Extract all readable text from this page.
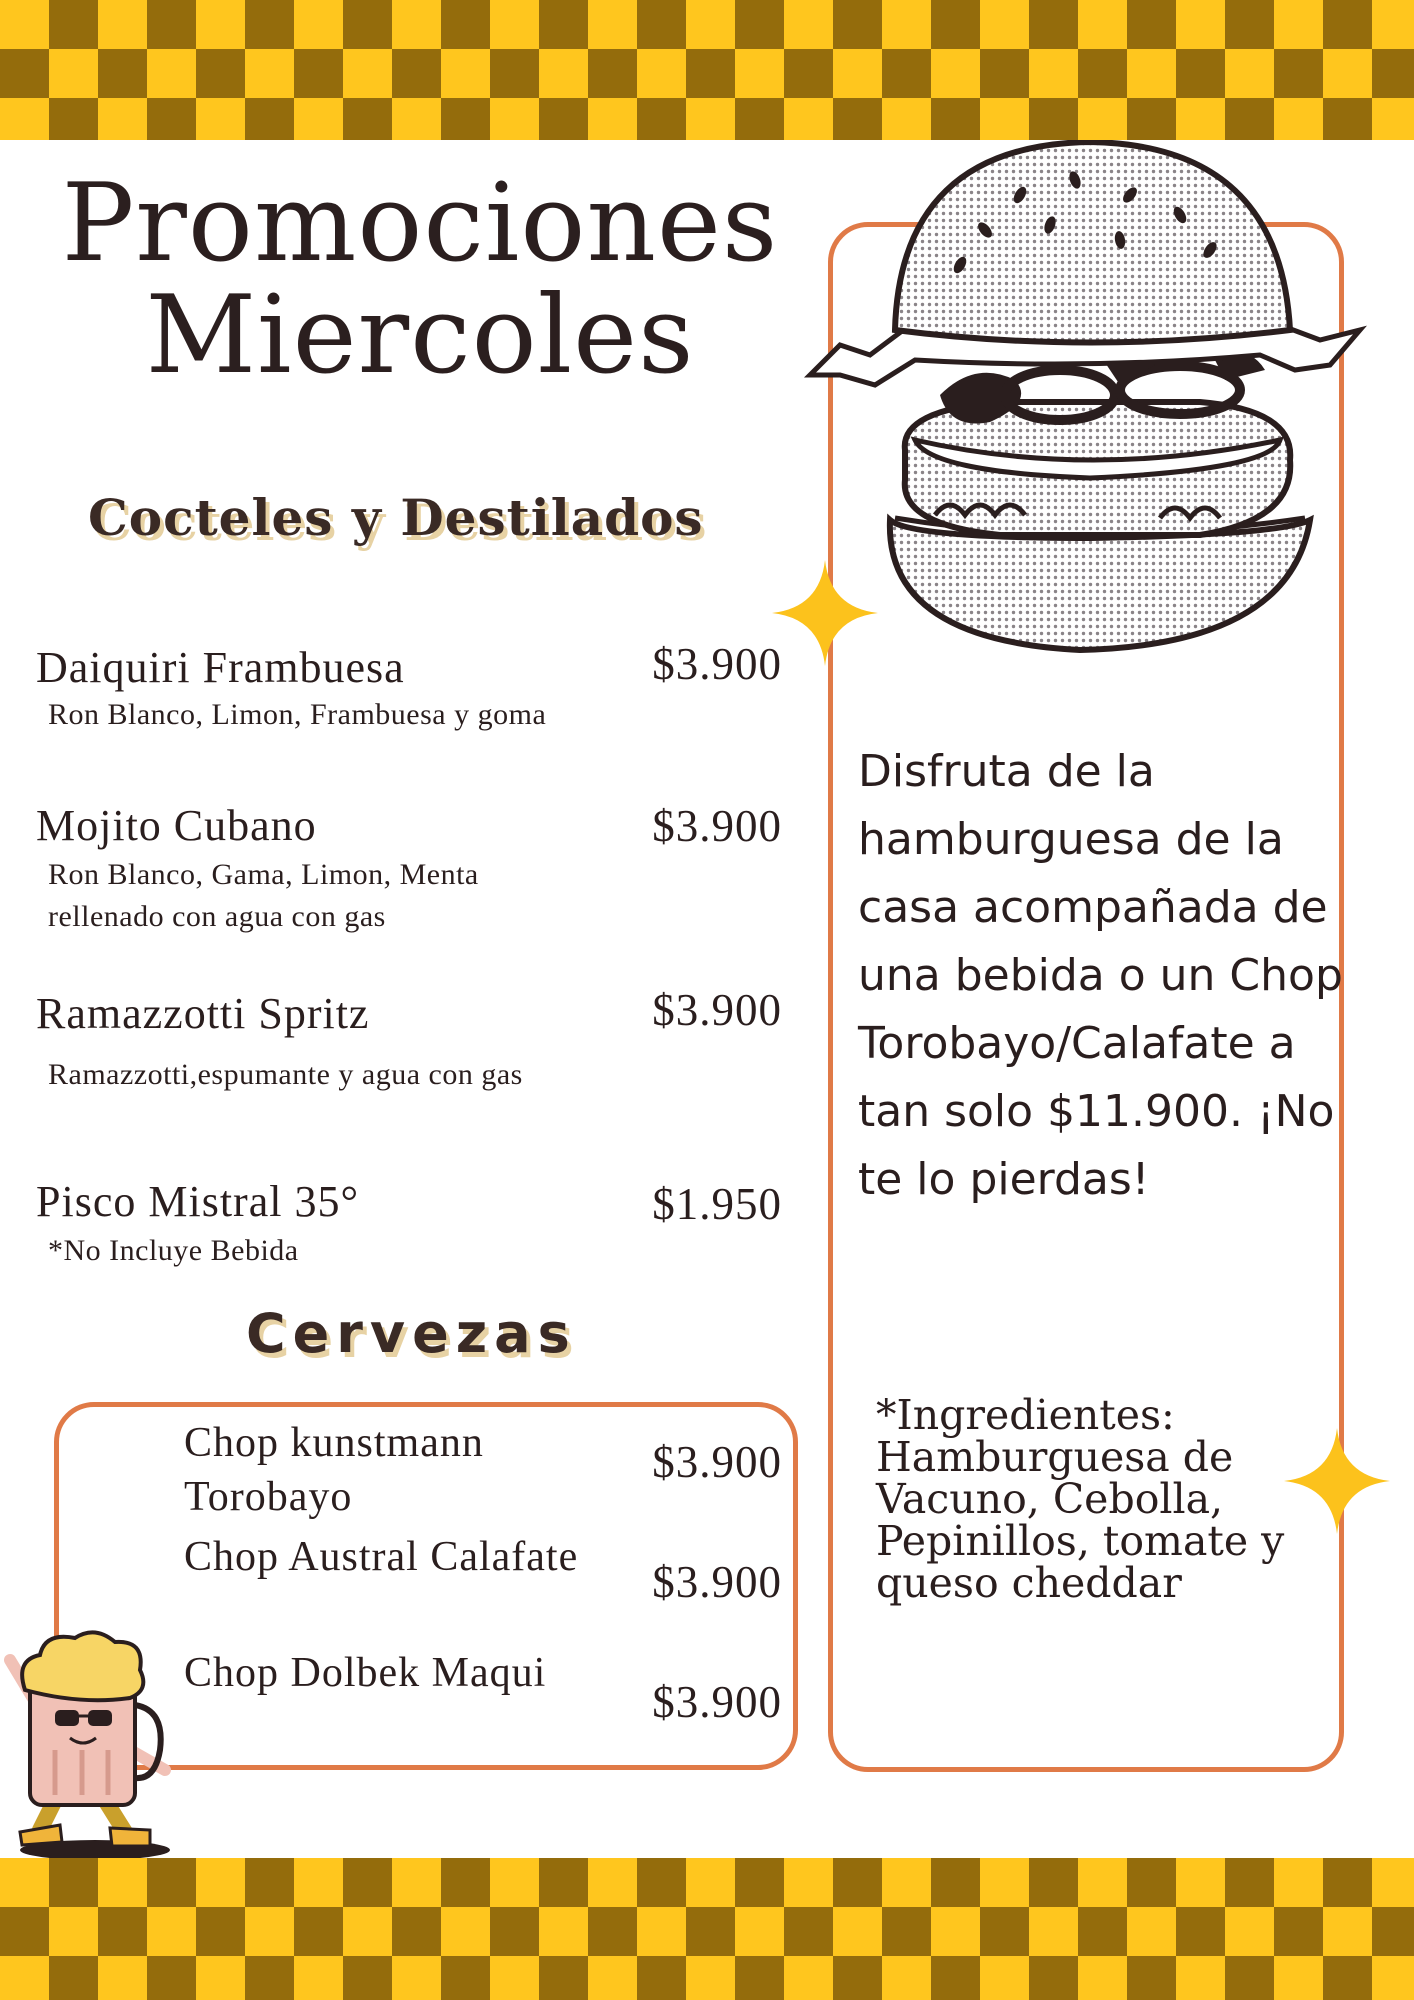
Promociones
Miercoles
Cocteles y Destilados
Daiquiri Frambuesa	$3.900
Ron Blanco, Limon, Frambuesa y goma
Mojito Cubano	$3.900
Ron Blanco, Gama, Limon, Menta rellenado con agua con gas
Ramazzotti Spritz	$3.900
Ramazzotti,espumante y agua con gas
Pisco Mistral 35°	$1.950
*No Incluye Bebida
Cervezas
Chop kunstmann Torobayo
$3.900
Chop Austral Calafate	$3.900
Chop Dolbek Maqui
$3.900

Disfruta de la hamburguesa de la casa acompañada de una bebida o un Chop Torobayo/Calafate a tan solo $11.900. ¡No te lo pierdas!

*Ingredientes: Hamburguesa de Vacuno, Cebolla, Pepinillos, tomate y queso cheddar
